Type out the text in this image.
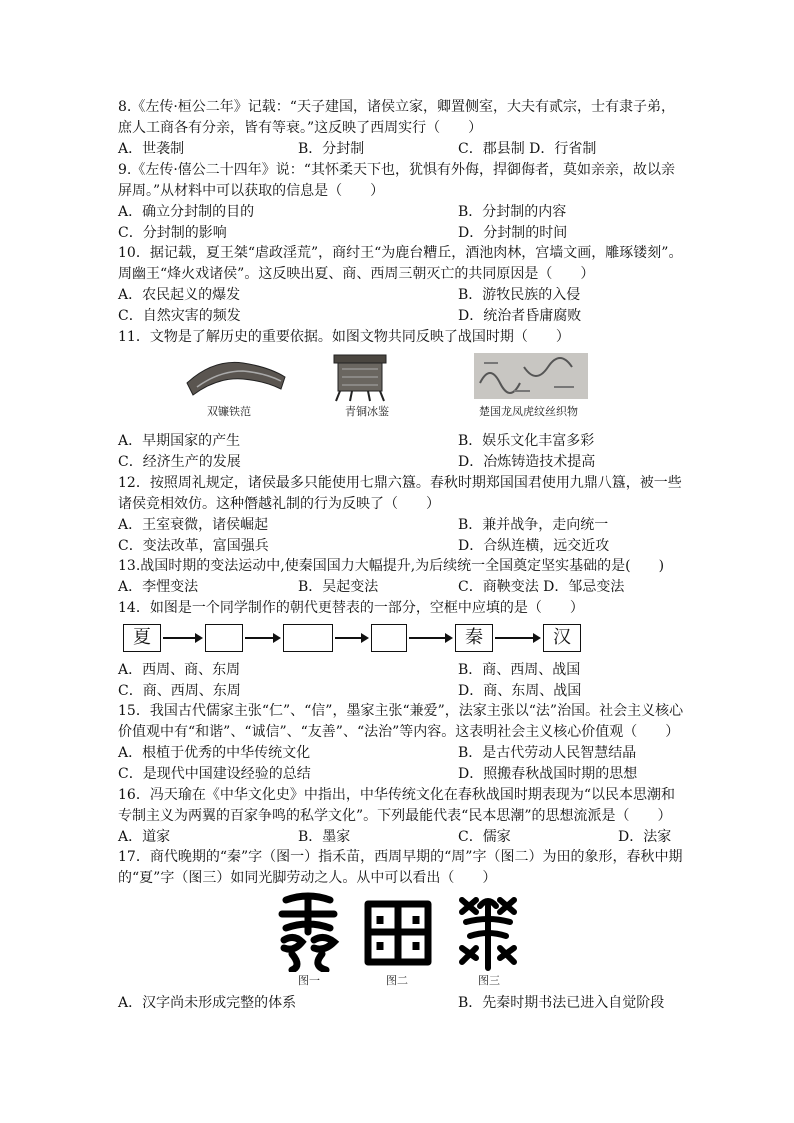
8.《左传·桓公二年》记载：“天子建国，诸侯立家，卿置侧室，大夫有贰宗，士有隶子弟，
庶人工商各有分亲，皆有等衰。”这反映了西周实行（　　）
A．世袭制	B．分封制	C．郡县制 D．行省制
9.《左传·僖公二十四年》说：“其怀柔天下也，犹惧有外侮，捍御侮者，莫如亲亲，故以亲
屏周。”从材料中可以获取的信息是（　　）
A．确立分封制的目的	B．分封制的内容
C．分封制的影响	D．分封制的时间
10．据记载，夏王桀“虐政淫荒”，商纣王“为鹿台糟丘，酒池肉林，宫墙文画，雕琢镂刻”。
周幽王“烽火戏诸侯”。这反映出夏、商、西周三朝灭亡的共同原因是（　　）
A．农民起义的爆发	B．游牧民族的入侵
C．自然灾害的频发	D．统治者昏庸腐败
11．文物是了解历史的重要依据。如图文物共同反映了战国时期（　　）
双镰铁范	青铜冰鉴	楚国龙凤虎纹丝织物
A．早期国家的产生	B．娱乐文化丰富多彩
C．经济生产的发展	D．冶炼铸造技术提高
12．按照周礼规定，诸侯最多只能使用七鼎六簋。春秋时期郑国国君使用九鼎八簋，被一些
诸侯竞相效仿。这种僭越礼制的行为反映了（　　）
A．王室衰微，诸侯崛起	B．兼并战争，走向统一
C．变法改革，富国强兵	D．合纵连横，远交近攻
13.战国时期的变法运动中,使秦国国力大幅提升,为后续统一全国奠定坚实基础的是(　　)
A．李悝变法	B．吴起变法	C．商鞅变法 D．邹忌变法
14．如图是一个同学制作的朝代更替表的一部分，空框中应填的是（　　）
夏	秦	汉
A．西周、商、东周	B．商、西周、战国
C．商、西周、东周	D．商、东周、战国
15．我国古代儒家主张“仁”、“信”，墨家主张“兼爱”，法家主张以“法”治国。社会主义核心
价值观中有“和谐”、“诚信”、“友善”、“法治”等内容。这表明社会主义核心价值观（　　）
A．根植于优秀的中华传统文化	B．是古代劳动人民智慧结晶
C．是现代中国建设经验的总结	D．照搬春秋战国时期的思想
16．冯天瑜在《中华文化史》中指出，中华传统文化在春秋战国时期表现为“以民本思潮和
专制主义为两翼的百家争鸣的私学文化”。下列最能代表“民本思潮”的思想流派是（　　）
A．道家	B．墨家	C．儒家	D．法家
17．商代晚期的“秦”字（图一）指禾苗，西周早期的“周”字（图二）为田的象形，春秋中期
的“夏”字（图三）如同光脚劳动之人。从中可以看出（　　）
图一	图二	图三
A．汉字尚未形成完整的体系	B．先秦时期书法已进入自觉阶段
